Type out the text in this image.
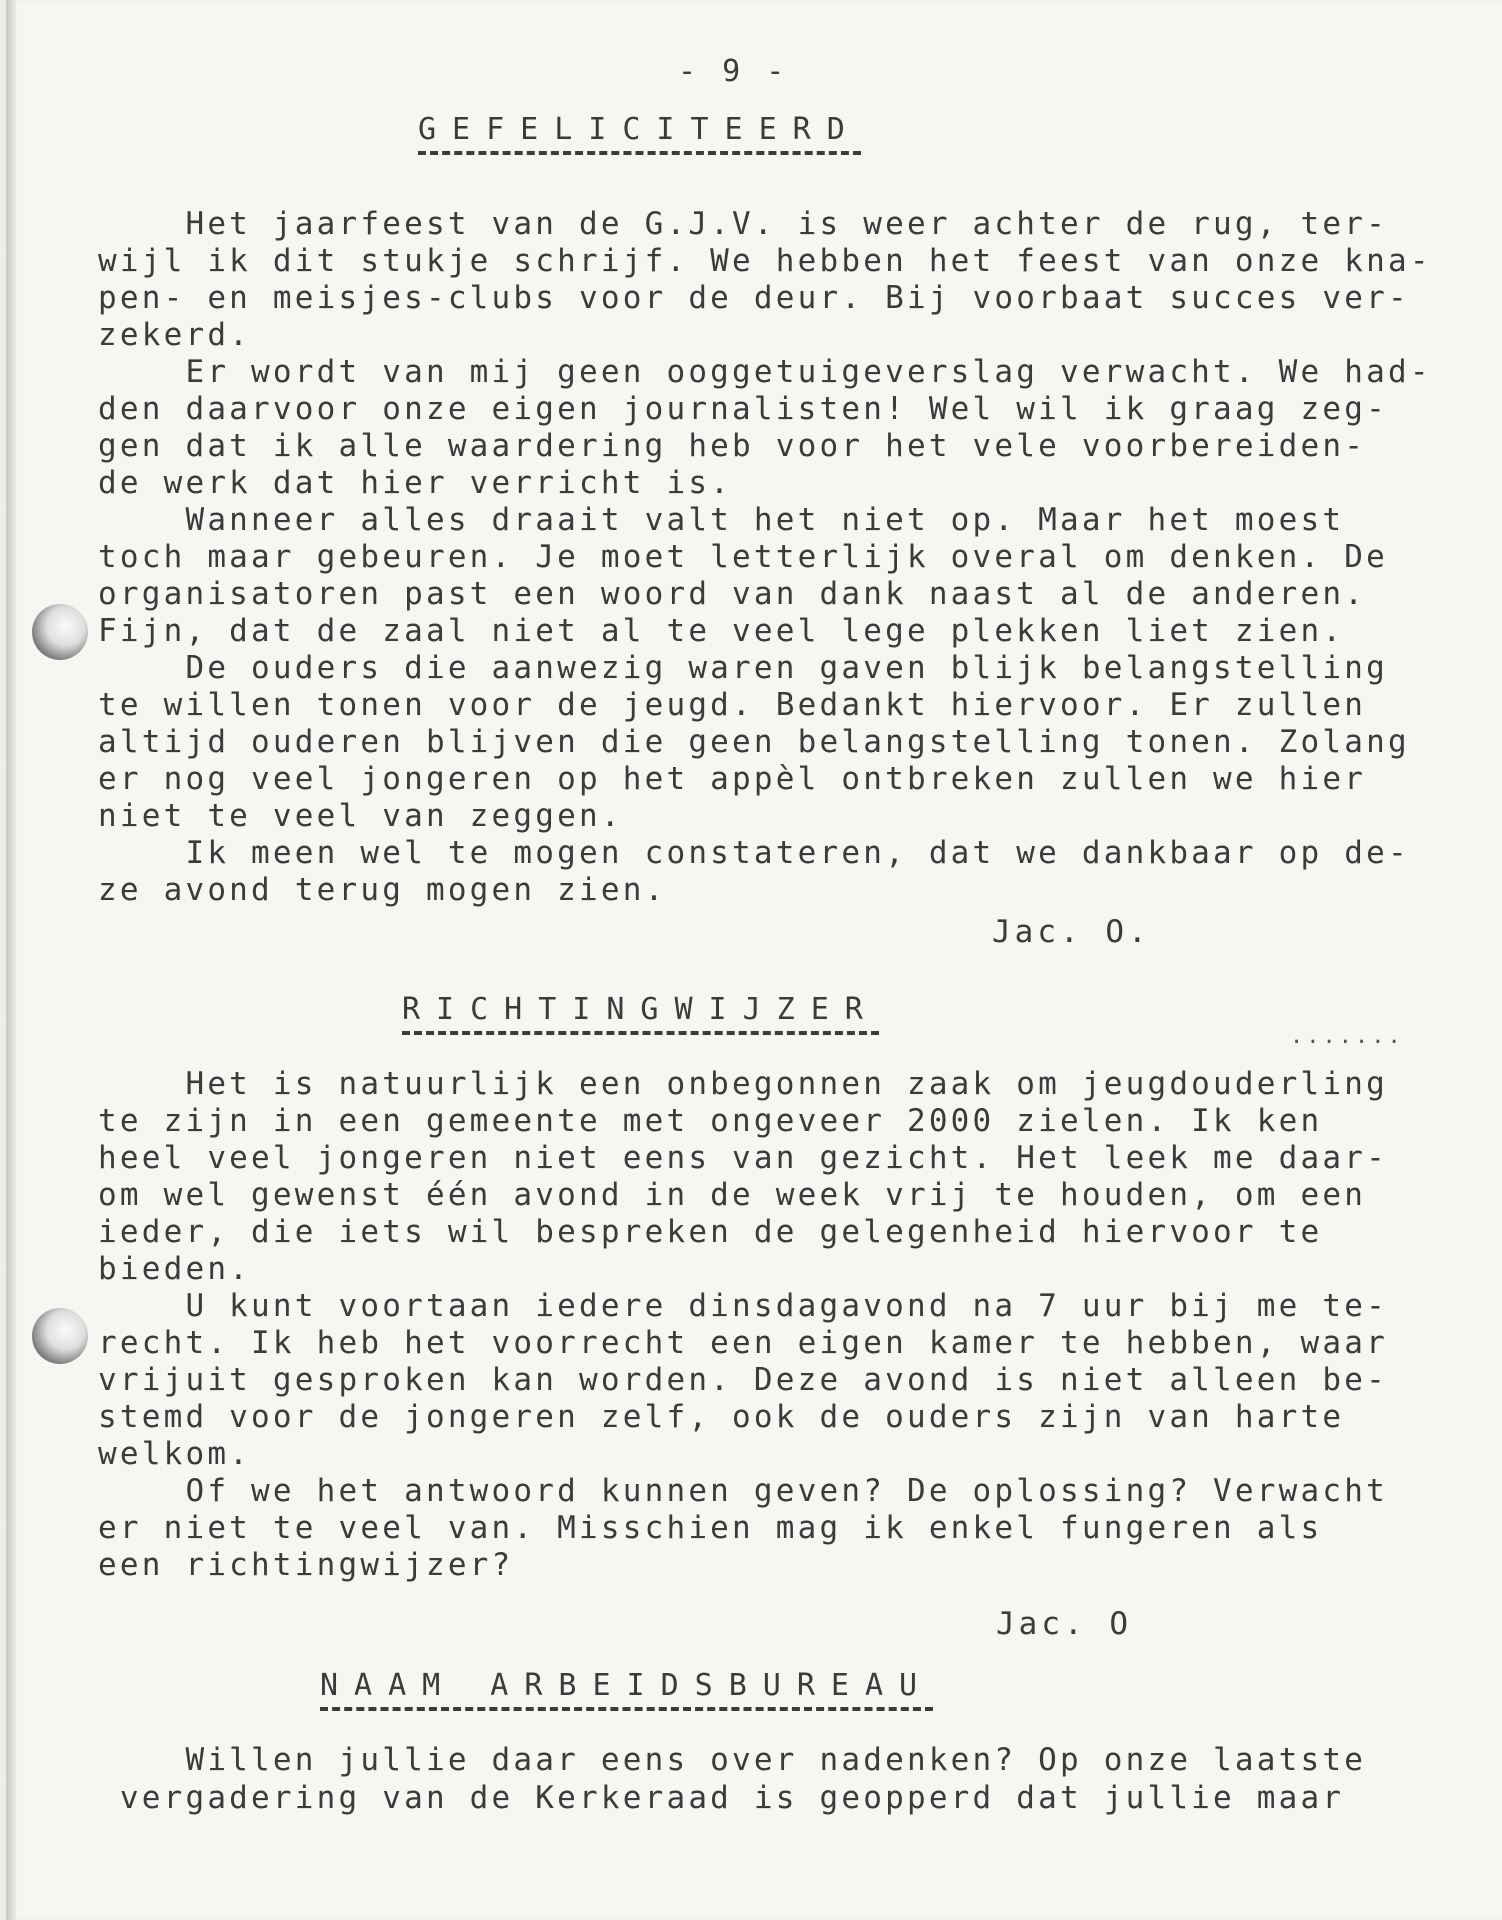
- 9 -
GEFELICITEERD
Het jaarfeest van de G.J.V. is weer achter de rug, ter-
wijl ik dit stukje schrijf. We hebben het feest van onze kna-
pen- en meisjes-clubs voor de deur. Bij voorbaat succes ver-
zekerd.
Er wordt van mij geen ooggetuigeverslag verwacht. We had-
den daarvoor onze eigen journalisten! Wel wil ik graag zeg-
gen dat ik alle waardering heb voor het vele voorbereiden-
de werk dat hier verricht is.
Wanneer alles draait valt het niet op. Maar het moest
toch maar gebeuren. Je moet letterlijk overal om denken. De
organisatoren past een woord van dank naast al de anderen.
Fijn, dat de zaal niet al te veel lege plekken liet zien.
De ouders die aanwezig waren gaven blijk belangstelling
te willen tonen voor de jeugd. Bedankt hiervoor. Er zullen
altijd ouderen blijven die geen belangstelling tonen. Zolang
er nog veel jongeren op het appèl ontbreken zullen we hier
niet te veel van zeggen.
Ik meen wel te mogen constateren, dat we dankbaar op de-
ze avond terug mogen zien.
Jac. O.
RICHTINGWIJZER
.......
Het is natuurlijk een onbegonnen zaak om jeugdouderling
te zijn in een gemeente met ongeveer 2000 zielen. Ik ken
heel veel jongeren niet eens van gezicht. Het leek me daar-
om wel gewenst één avond in de week vrij te houden, om een
ieder, die iets wil bespreken de gelegenheid hiervoor te
bieden.
U kunt voortaan iedere dinsdagavond na 7 uur bij me te-
recht. Ik heb het voorrecht een eigen kamer te hebben, waar
vrijuit gesproken kan worden. Deze avond is niet alleen be-
stemd voor de jongeren zelf, ook de ouders zijn van harte
welkom.
Of we het antwoord kunnen geven? De oplossing? Verwacht
er niet te veel van. Misschien mag ik enkel fungeren als
een richtingwijzer?
Jac. O
NAAM ARBEIDSBUREAU
Willen jullie daar eens over nadenken? Op onze laatste
vergadering van de Kerkeraad is geopperd dat jullie maar
